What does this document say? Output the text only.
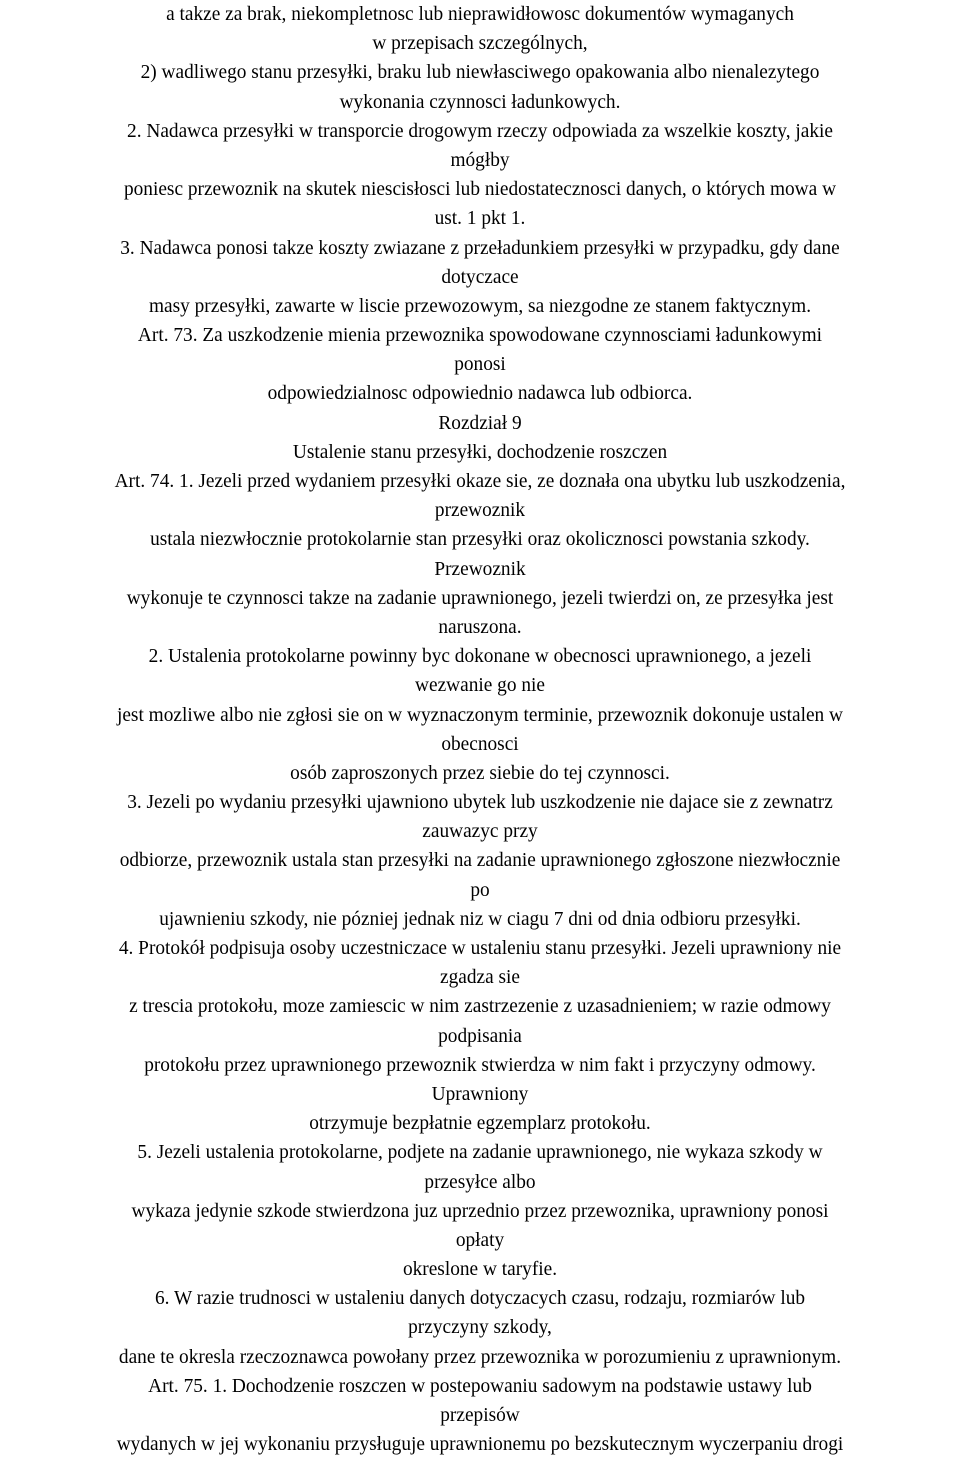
a takze za brak, niekompletnosc lub nieprawidłowosc dokumentów wymaganych
w przepisach szczególnych,
2) wadliwego stanu przesyłki, braku lub niewłasciwego opakowania albo nienalezytego
wykonania czynnosci ładunkowych.
2. Nadawca przesyłki w transporcie drogowym rzeczy odpowiada za wszelkie koszty, jakie
mógłby
poniesc przewoznik na skutek niescisłosci lub niedostatecznosci danych, o których mowa w
ust. 1 pkt 1.
3. Nadawca ponosi takze koszty zwiazane z przeładunkiem przesyłki w przypadku, gdy dane
dotyczace
masy przesyłki, zawarte w liscie przewozowym, sa niezgodne ze stanem faktycznym.
Art. 73. Za uszkodzenie mienia przewoznika spowodowane czynnosciami ładunkowymi
ponosi
odpowiedzialnosc odpowiednio nadawca lub odbiorca.
Rozdział 9
Ustalenie stanu przesyłki, dochodzenie roszczen
Art. 74. 1. Jezeli przed wydaniem przesyłki okaze sie, ze doznała ona ubytku lub uszkodzenia,
przewoznik
ustala niezwłocznie protokolarnie stan przesyłki oraz okolicznosci powstania szkody.
Przewoznik
wykonuje te czynnosci takze na zadanie uprawnionego, jezeli twierdzi on, ze przesyłka jest
naruszona.
2. Ustalenia protokolarne powinny byc dokonane w obecnosci uprawnionego, a jezeli
wezwanie go nie
jest mozliwe albo nie zgłosi sie on w wyznaczonym terminie, przewoznik dokonuje ustalen w
obecnosci
osób zaproszonych przez siebie do tej czynnosci.
3. Jezeli po wydaniu przesyłki ujawniono ubytek lub uszkodzenie nie dajace sie z zewnatrz
zauwazyc przy
odbiorze, przewoznik ustala stan przesyłki na zadanie uprawnionego zgłoszone niezwłocznie
po
ujawnieniu szkody, nie pózniej jednak niz w ciagu 7 dni od dnia odbioru przesyłki.
4. Protokół podpisuja osoby uczestniczace w ustaleniu stanu przesyłki. Jezeli uprawniony nie
zgadza sie
z trescia protokołu, moze zamiescic w nim zastrzezenie z uzasadnieniem; w razie odmowy
podpisania
protokołu przez uprawnionego przewoznik stwierdza w nim fakt i przyczyny odmowy.
Uprawniony
otrzymuje bezpłatnie egzemplarz protokołu.
5. Jezeli ustalenia protokolarne, podjete na zadanie uprawnionego, nie wykaza szkody w
przesyłce albo
wykaza jedynie szkode stwierdzona juz uprzednio przez przewoznika, uprawniony ponosi
opłaty
okreslone w taryfie.
6. W razie trudnosci w ustaleniu danych dotyczacych czasu, rodzaju, rozmiarów lub
przyczyny szkody,
dane te okresla rzeczoznawca powołany przez przewoznika w porozumieniu z uprawnionym.
Art. 75. 1. Dochodzenie roszczen w postepowaniu sadowym na podstawie ustawy lub
przepisów
wydanych w jej wykonaniu przysługuje uprawnionemu po bezskutecznym wyczerpaniu drogi
